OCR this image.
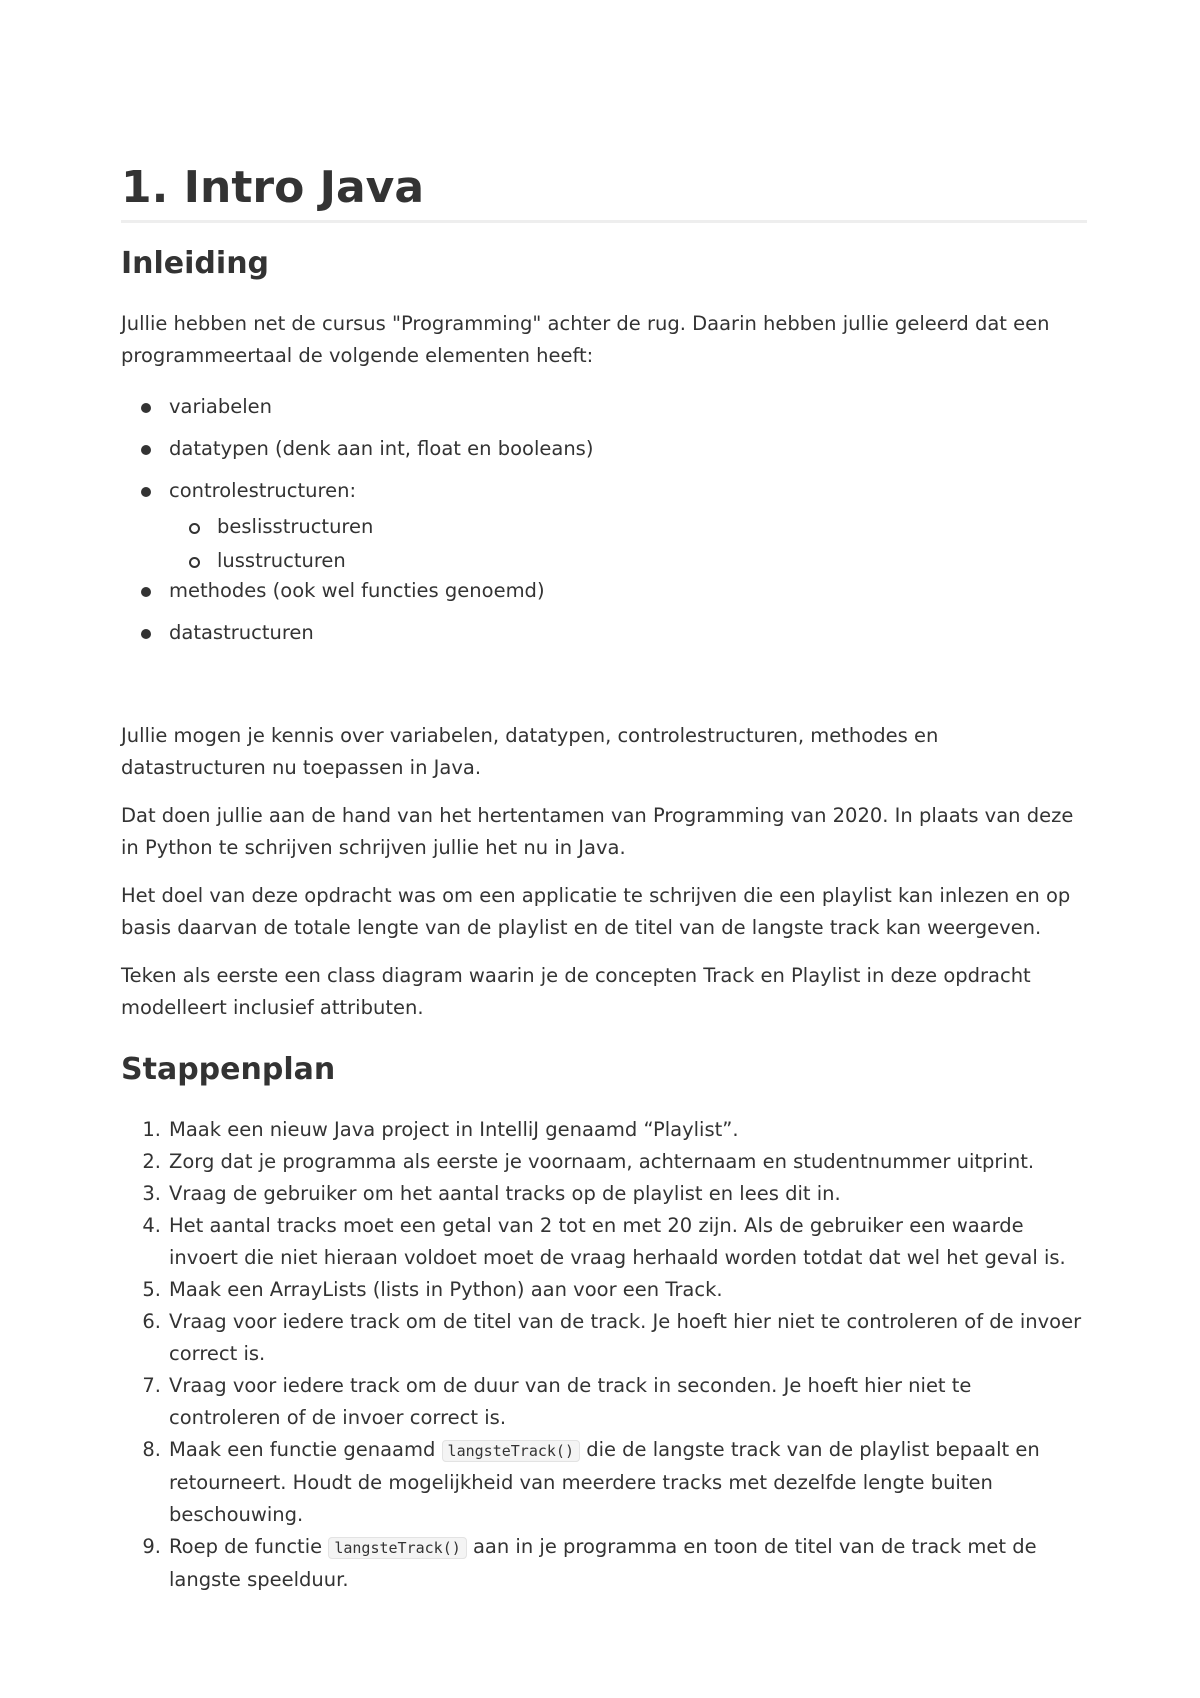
1. Intro Java
Inleiding

Jullie hebben net de cursus "Programming" achter de rug. Daarin hebben jullie geleerd dat een programmeertaal de volgende elementen heeft:

variabelen
datatypen (denk aan int, float en booleans)
controlestructuren:
beslisstructuren
lusstructuren
methodes (ook wel functies genoemd)
datastructuren

Jullie mogen je kennis over variabelen, datatypen, controlestructuren, methodes en datastructuren nu toepassen in Java.

Dat doen jullie aan de hand van het hertentamen van Programming van 2020. In plaats van deze in Python te schrijven schrijven jullie het nu in Java.

Het doel van deze opdracht was om een applicatie te schrijven die een playlist kan inlezen en op basis daarvan de totale lengte van de playlist en de titel van de langste track kan weergeven.

Teken als eerste een class diagram waarin je de concepten Track en Playlist in deze opdracht modelleert inclusief attributen.

Stappenplan
1. Maak een nieuw Java project in IntelliJ genaamd “Playlist”.
2. Zorg dat je programma als eerste je voornaam, achternaam en studentnummer uitprint.
3. Vraag de gebruiker om het aantal tracks op de playlist en lees dit in.
4. Het aantal tracks moet een getal van 2 tot en met 20 zijn. Als de gebruiker een waarde invoert die niet hieraan voldoet moet de vraag herhaald worden totdat dat wel het geval is.
5. Maak een ArrayLists (lists in Python) aan voor een Track.
6. Vraag voor iedere track om de titel van de track. Je hoeft hier niet te controleren of de invoer correct is.
7. Vraag voor iedere track om de duur van de track in seconden. Je hoeft hier niet te controleren of de invoer correct is.
8. Maak een functie genaamd langsteTrack() die de langste track van de playlist bepaalt en retourneert. Houdt de mogelijkheid van meerdere tracks met dezelfde lengte buiten beschouwing.
9. Roep de functie langsteTrack() aan in je programma en toon de titel van de track met de langste speelduur.
